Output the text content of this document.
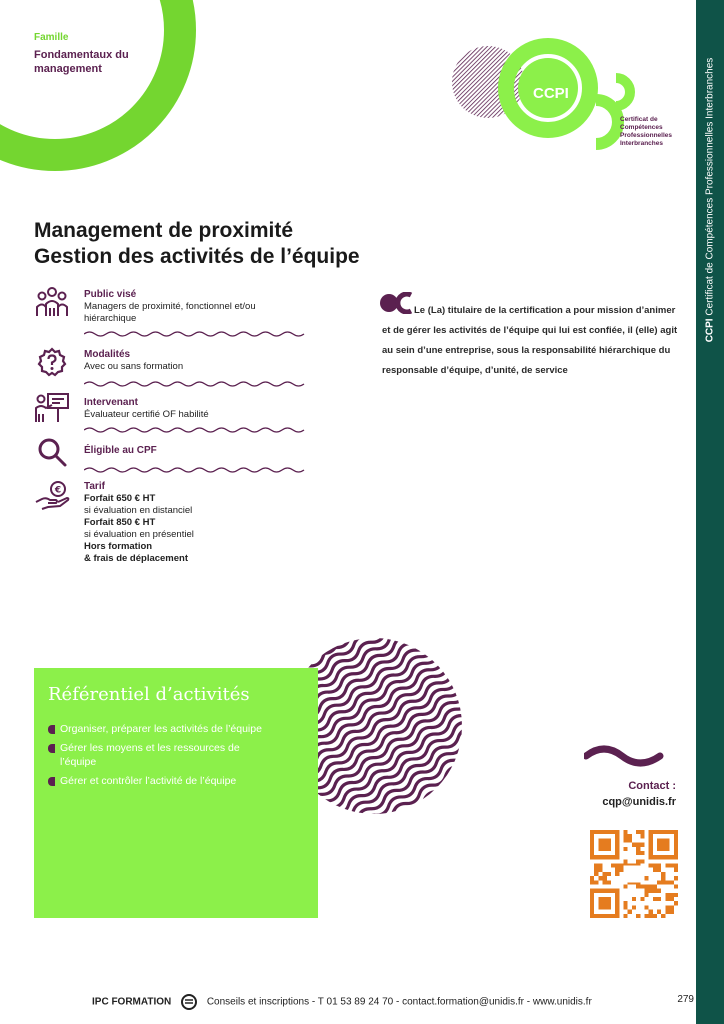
Famille
Fondamentaux du management
CCPI
Certificat de Compétences Professionnelles Interbranches
Management de proximité
Gestion des activités de l’équipe
€
Public visé
Managers de proximité, fonctionnel et/ou hiérarchique
Modalités
Avec ou sans formation
Intervenant
Évaluateur certifié OF habilité
Éligible au CPF
Tarif
Forfait 650 € HT
si évaluation en distanciel
Forfait 850 € HT
si évaluation en présentiel
Hors formation
& frais de déplacement
Le (La) titulaire de la certification a pour mission d’animer et de gérer les activités de l’équipe qui lui est confiée, il (elle) agit au sein d’une entreprise, sous la responsabilité hiérarchique du responsable d’équipe, d’unité, de service
Référentiel d’activités
Organiser, préparer les activités de l’équipe
Gérer les moyens et les ressources de l’équipe
Gérer et contrôler l’activité de l’équipe	Contact :
cqp@unidis.fr
CCPI Certificat de Compétences Professionnelles Interbranches
IPC FORMATION	Conseils et inscriptions - T 01 53 89 24 70 - contact.formation@unidis.fr - www.unidis.fr	279
